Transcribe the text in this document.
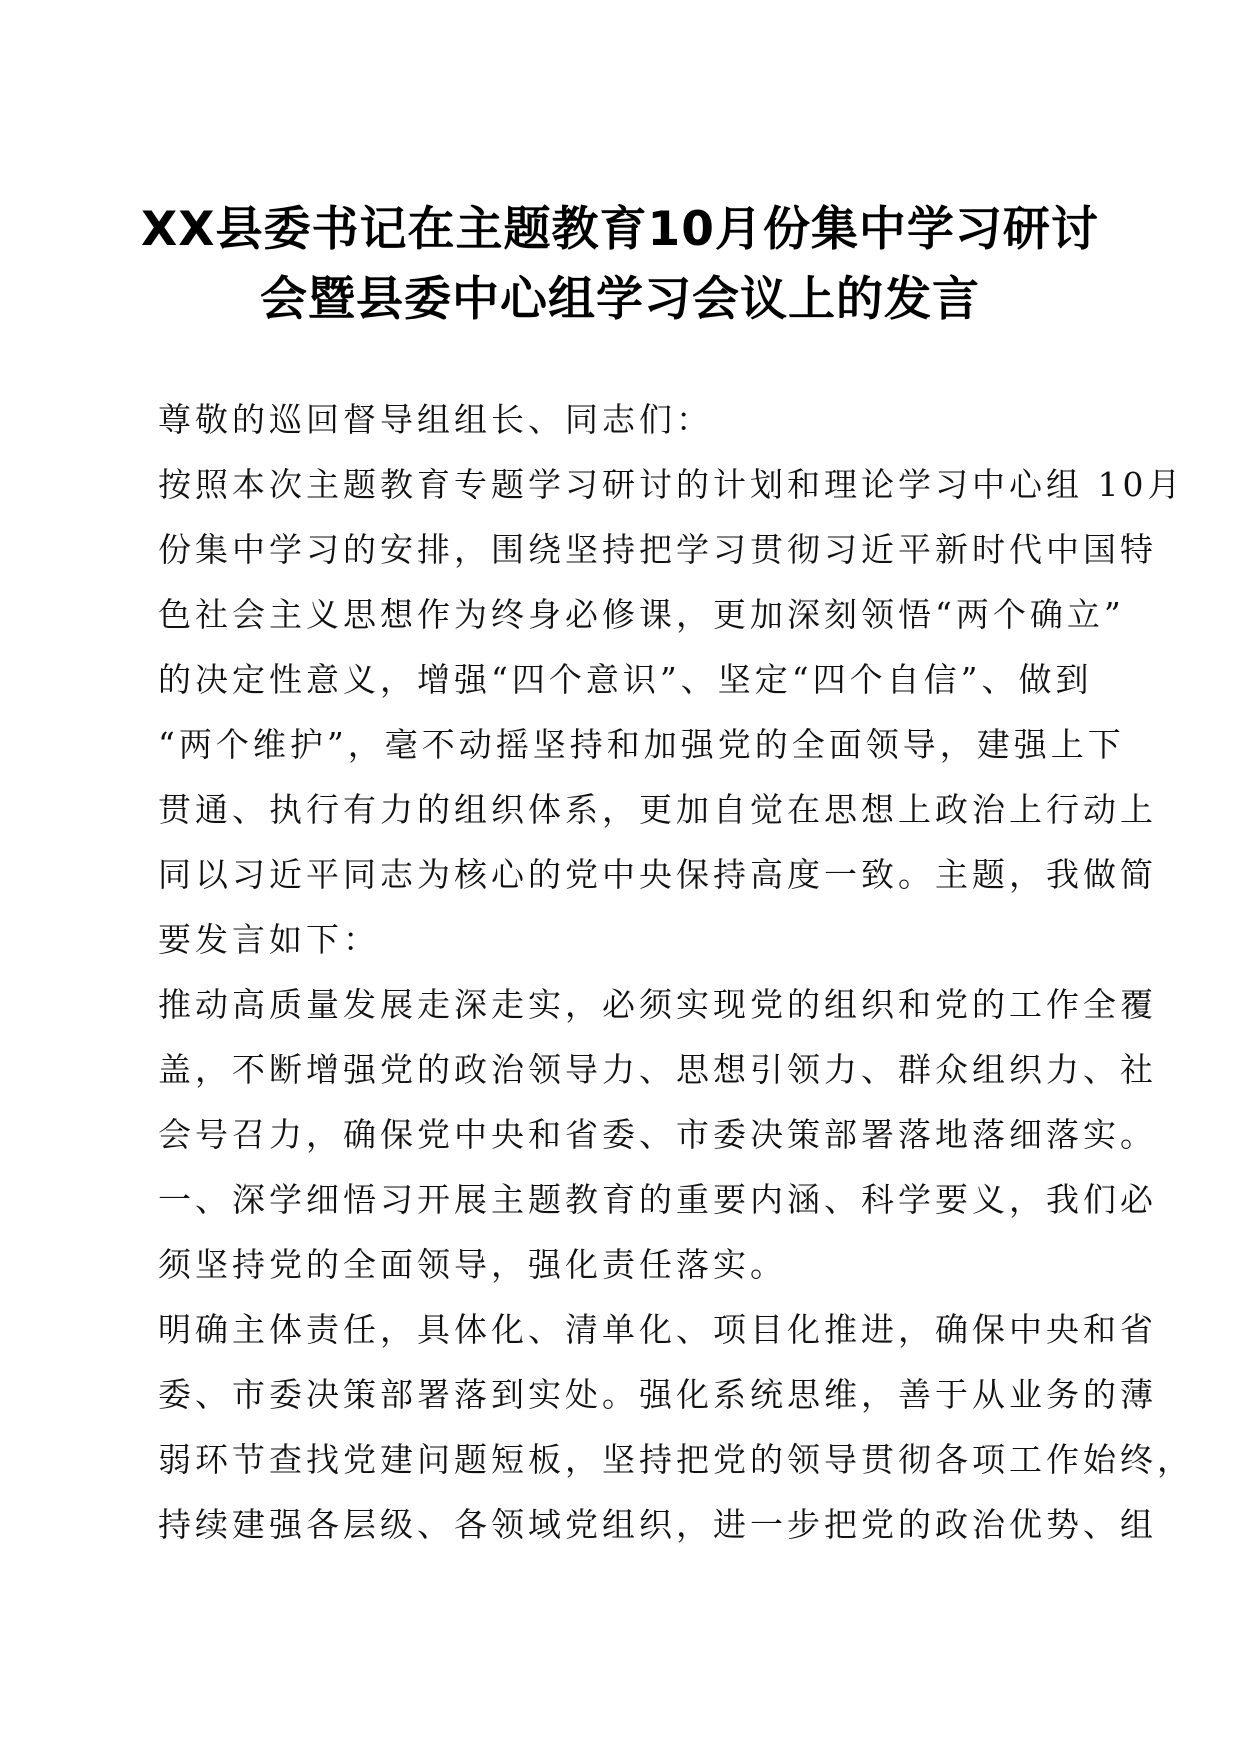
XX县委书记在主题教育10月份集中学习研讨
会暨县委中心组学习会议上的发言
尊敬的巡回督导组组长、同志们：
按照本次主题教育专题学习研讨的计划和理论学习中心组 10月
份集中学习的安排，围绕坚持把学习贯彻习近平新时代中国特
色社会主义思想作为终身必修课，更加深刻领悟“两个确立”
的决定性意义，增强“四个意识”、坚定“四个自信”、做到
“两个维护”，毫不动摇坚持和加强党的全面领导，建强上下
贯通、执行有力的组织体系，更加自觉在思想上政治上行动上
同以习近平同志为核心的党中央保持高度一致。主题，我做简
要发言如下：
推动高质量发展走深走实，必须实现党的组织和党的工作全覆
盖，不断增强党的政治领导力、思想引领力、群众组织力、社
会号召力，确保党中央和省委、市委决策部署落地落细落实。
一、深学细悟习开展主题教育的重要内涵、科学要义，我们必
须坚持党的全面领导，强化责任落实。
明确主体责任，具体化、清单化、项目化推进，确保中央和省
委、市委决策部署落到实处。强化系统思维，善于从业务的薄
弱环节查找党建问题短板，坚持把党的领导贯彻各项工作始终，
持续建强各层级、各领域党组织，进一步把党的政治优势、组
